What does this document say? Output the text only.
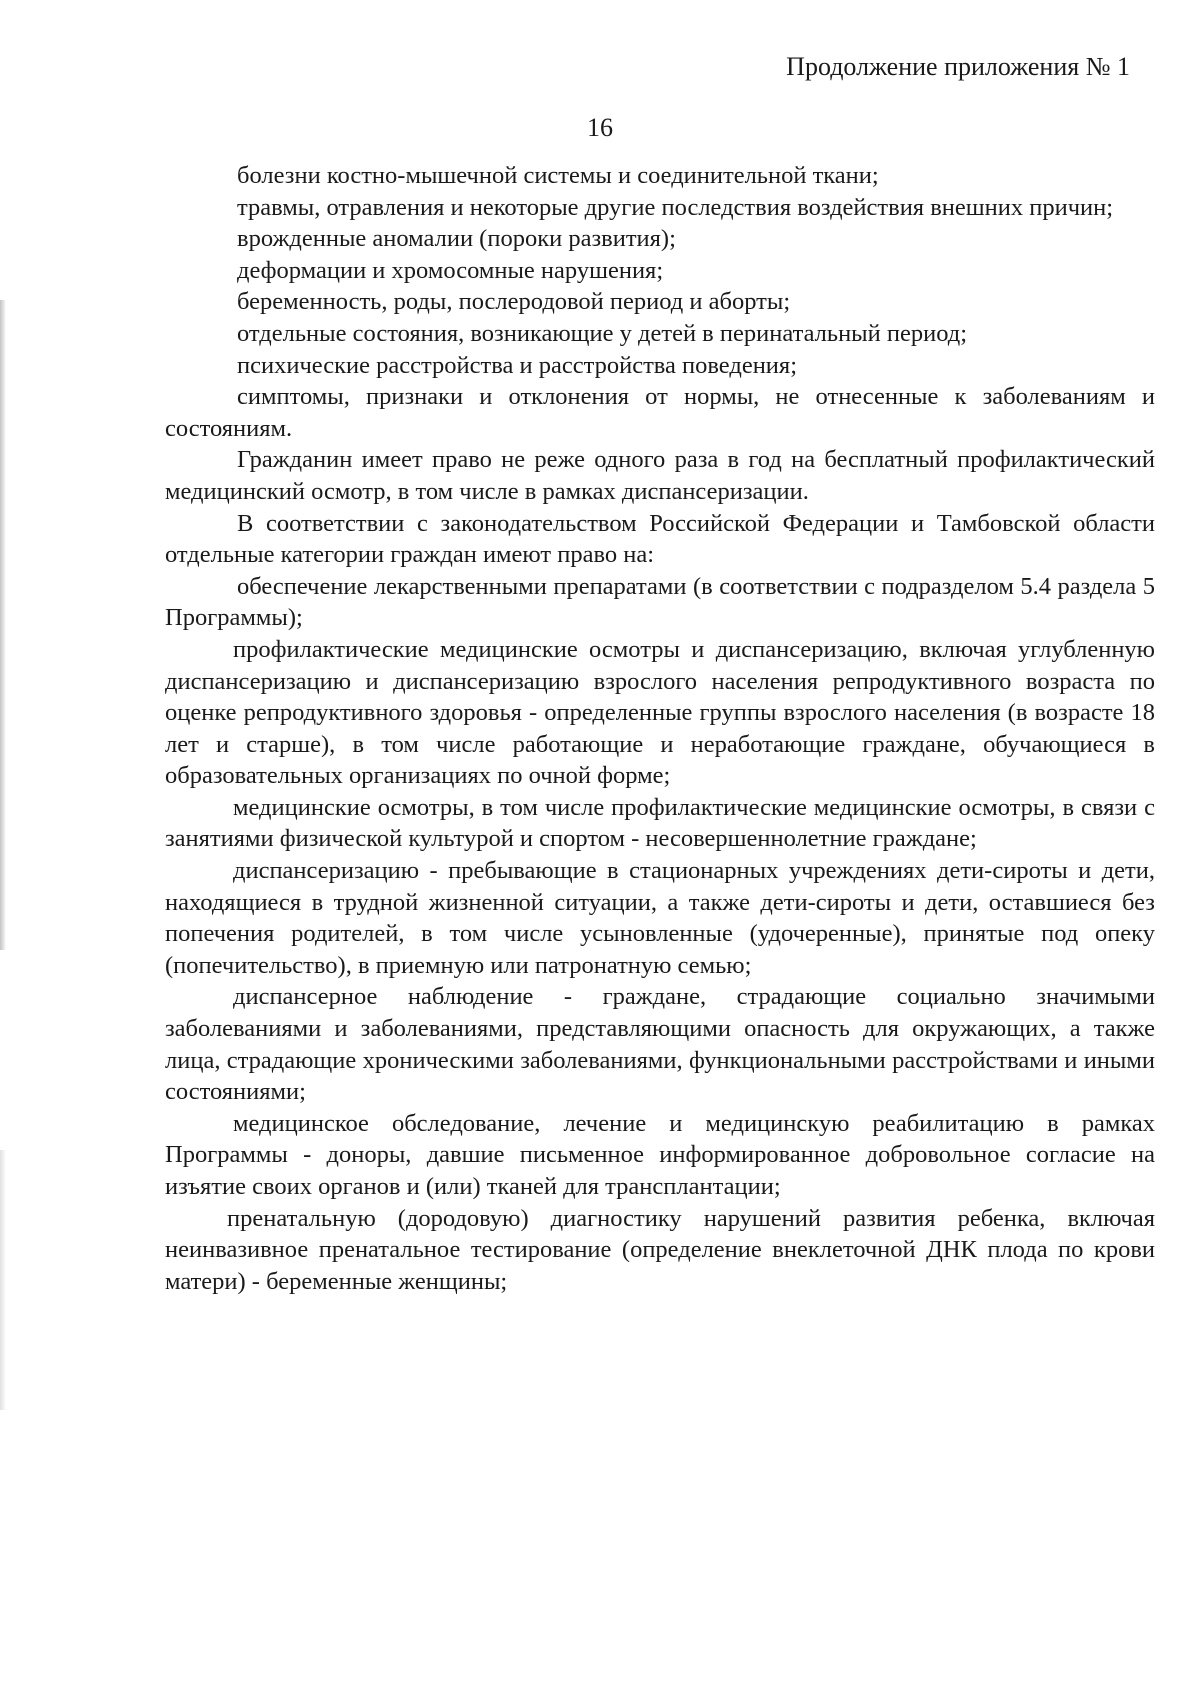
Продолжение приложения № 1
16

болезни костно-мышечной системы и соединительной ткани;

травмы, отравления и некоторые другие последствия воздействия внешних причин;

врожденные аномалии (пороки развития);

деформации и хромосомные нарушения;

беременность, роды, послеродовой период и аборты;

отдельные состояния, возникающие у детей в перинатальный период;

психические расстройства и расстройства поведения;

симптомы, признаки и отклонения от нормы, не отнесенные к заболеваниям и состояниям.

Гражданин имеет право не реже одного раза в год на бесплатный профилактический медицинский осмотр, в том числе в рамках диспансеризации.

В соответствии с законодательством Российской Федерации и Тамбовской области отдельные категории граждан имеют право на:

обеспечение лекарственными препаратами (в соответствии с подразделом 5.4 раздела 5 Программы);

профилактические медицинские осмотры и диспансеризацию, включая углубленную диспансеризацию и диспансеризацию взрослого населения репродуктивного возраста по оценке репродуктивного здоровья - определенные группы взрослого населения (в возрасте 18 лет и старше), в том числе работающие и неработающие граждане, обучающиеся в образовательных организациях по очной форме;

медицинские осмотры, в том числе профилактические медицинские осмотры, в связи с занятиями физической культурой и спортом - несовершеннолетние граждане;

диспансеризацию - пребывающие в стационарных учреждениях дети-сироты и дети, находящиеся в трудной жизненной ситуации, а также дети-сироты и дети, оставшиеся без попечения родителей, в том числе усыновленные (удочеренные), принятые под опеку (попечительство), в приемную или патронатную семью;

диспансерное наблюдение - граждане, страдающие социально значимыми заболеваниями и заболеваниями, представляющими опасность для окружающих, а также лица, страдающие хроническими заболеваниями, функциональными расстройствами и иными состояниями;

медицинское обследование, лечение и медицинскую реабилитацию в рамках Программы - доноры, давшие письменное информированное добровольное согласие на изъятие своих органов и (или) тканей для трансплантации;

пренатальную (дородовую) диагностику нарушений развития ребенка, включая неинвазивное пренатальное тестирование (определение внеклеточной ДНК плода по крови матери) - беременные женщины;
